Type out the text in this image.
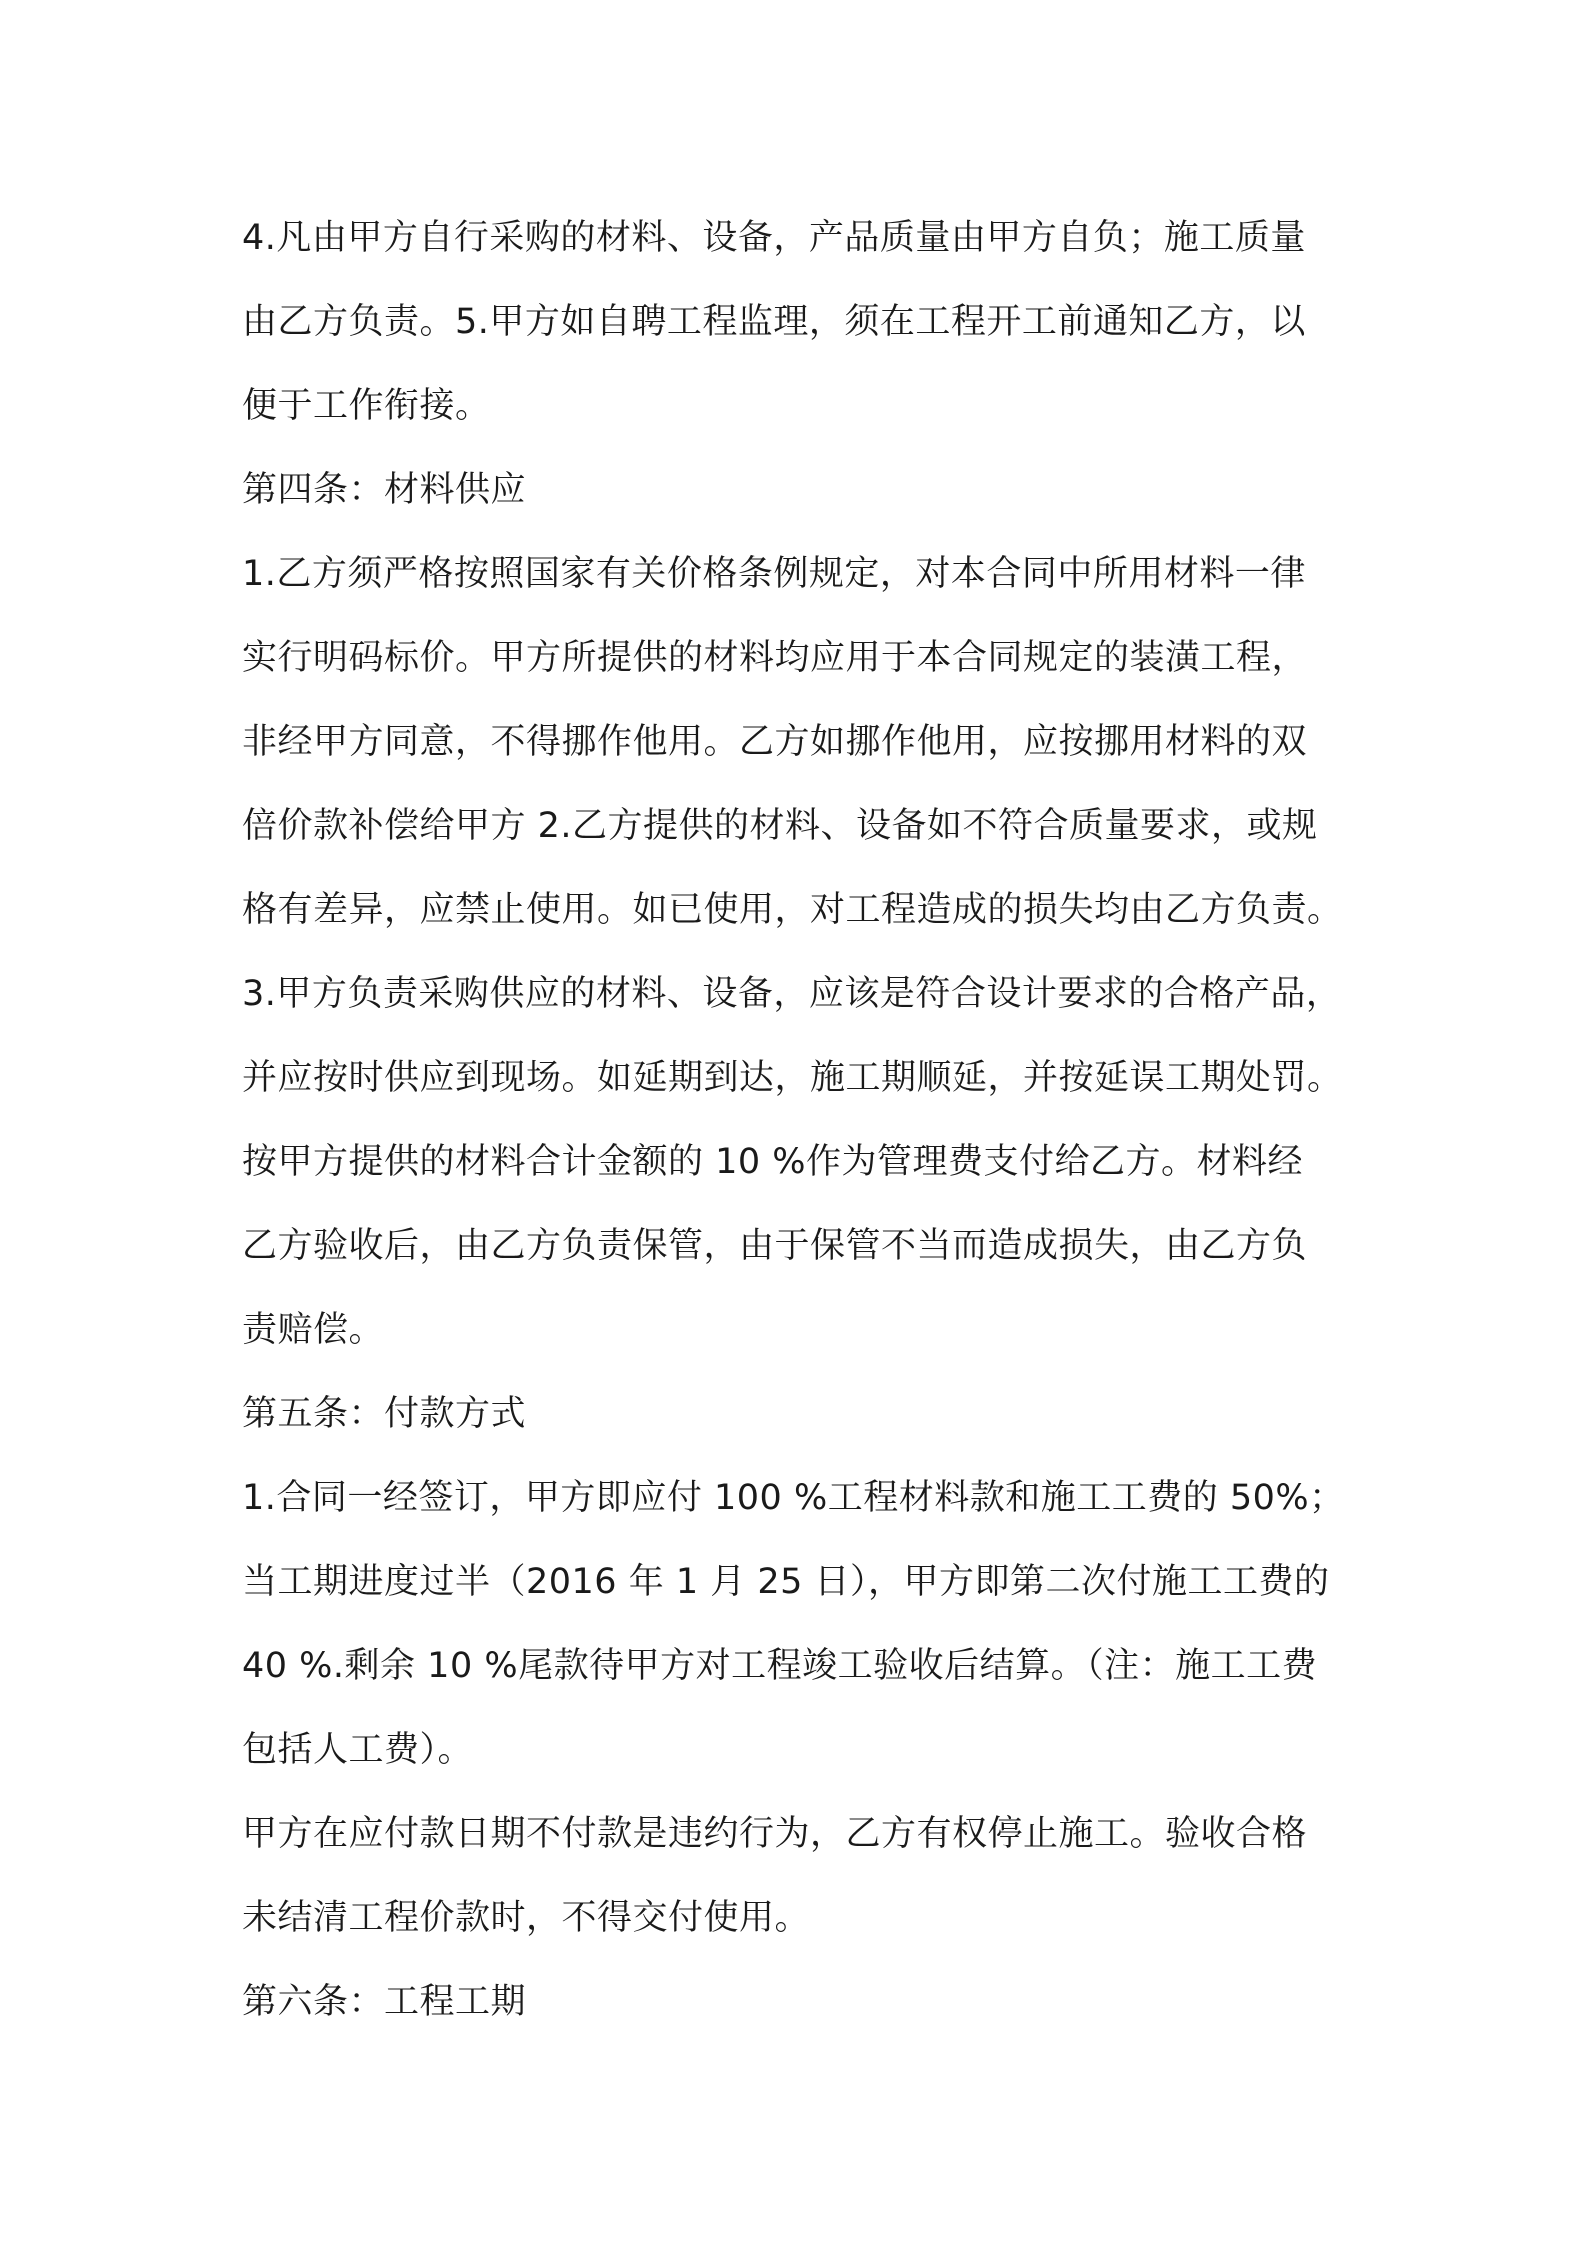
4.凡由甲方自行采购的材料、设备，产品质量由甲方自负；施工质量
由乙方负责。5.甲方如自聘工程监理，须在工程开工前通知乙方，以
便于工作衔接。
第四条：材料供应
1.乙方须严格按照国家有关价格条例规定，对本合同中所用材料一律
实行明码标价。甲方所提供的材料均应用于本合同规定的装潢工程，
非经甲方同意，不得挪作他用。乙方如挪作他用，应按挪用材料的双
倍价款补偿给甲方 2.乙方提供的材料、设备如不符合质量要求，或规
格有差异，应禁止使用。如已使用，对工程造成的损失均由乙方负责。
3.甲方负责采购供应的材料、设备，应该是符合设计要求的合格产品，
并应按时供应到现场。如延期到达，施工期顺延，并按延误工期处罚。
按甲方提供的材料合计金额的 10 %作为管理费支付给乙方。材料经
乙方验收后，由乙方负责保管，由于保管不当而造成损失，由乙方负
责赔偿。
第五条：付款方式
1.合同一经签订，甲方即应付 100 %工程材料款和施工工费的 50%；
当工期进度过半（2016 年 1 月 25 日），甲方即第二次付施工工费的
40 %.剩余 10 %尾款待甲方对工程竣工验收后结算。（注：施工工费
包括人工费）。
甲方在应付款日期不付款是违约行为，乙方有权停止施工。验收合格
未结清工程价款时，不得交付使用。
第六条：工程工期
